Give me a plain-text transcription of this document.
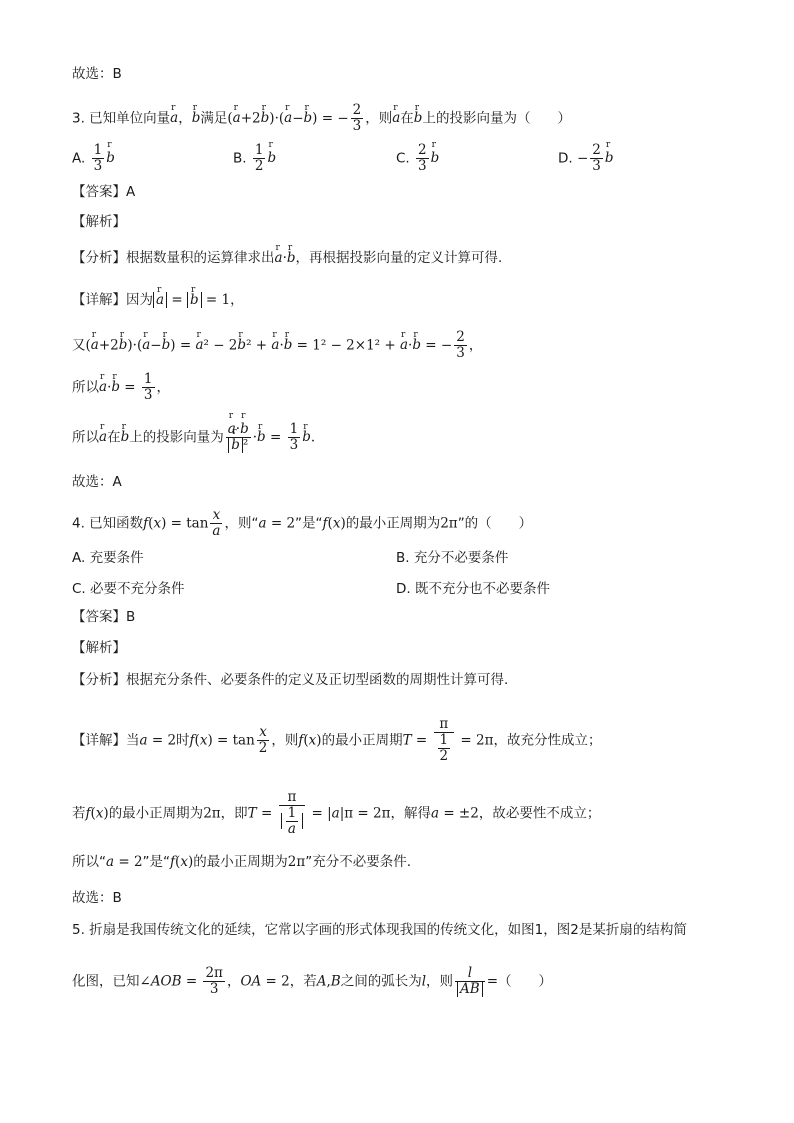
故选：B
3. 已知单位向量r a，r b满足(r a+2r b)·(r a−r b) = − $\frac{2}{3}$ ，则r a在r b上的投影向量为（　　）
A. $\frac{1}{3}$ r b	B. $\frac{1}{2}$ r b	C. $\frac{2}{3}$ r b	D. − $\frac{2}{3}$ r b
【答案】A
【解析】
【分析】根据数量积的运算律求出r a·r b，再根据投影向量的定义计算可得.
【详解】因为 r a = r b = 1，
又(r a+2r b)·(r a−r b) = r a² − 2r b² + r a·r b = 1² − 2×1² + r a·r b = − $\frac{2}{3}$ ，
所以r a·r $b = \frac{1}{3}$ ，
所以r a在r b上的投影向量为 r a·r b
r b ² ·r $b = \frac{1}{3}$ r b.
故选：A
4. 已知函数$f(x) = \tan \frac{x}{a}$ ，则“a = 2”是“f(x)的最小正周期为2π”的（　　）
A. 充要条件	B. 充分不必要条件
C. 必要不充分条件	D. 既不充分也不必要条件
【答案】B
【解析】
【分析】根据充分条件、必要条件的定义及正切型函数的周期性计算可得.
【详解】当a = 2时$f(x) = \tan \frac{x}{2}$ ，则f(x)的最小正周期$T = \frac{\pi}{\frac{1}{2}} = 2\pi$，故充分性成立；
若f(x)的最小正周期为2π，即$T = \frac{\pi}{\frac{1}{a}} = |a|\pi = 2\pi$，解得a = ±2，故必要性不成立；
所以“a = 2”是“f(x)的最小正周期为2π”充分不必要条件.
故选：B
5. 折扇是我国传统文化的延续，它常以字画的形式体现我国的传统文化，如图1，图2是某折扇的结构简
化图，已知∠AOB = $\frac{2\pi}{3}$ ，OA = 2，若A,B之间的弧长为l，则 $\frac{l}{AB}$ =（　　）
